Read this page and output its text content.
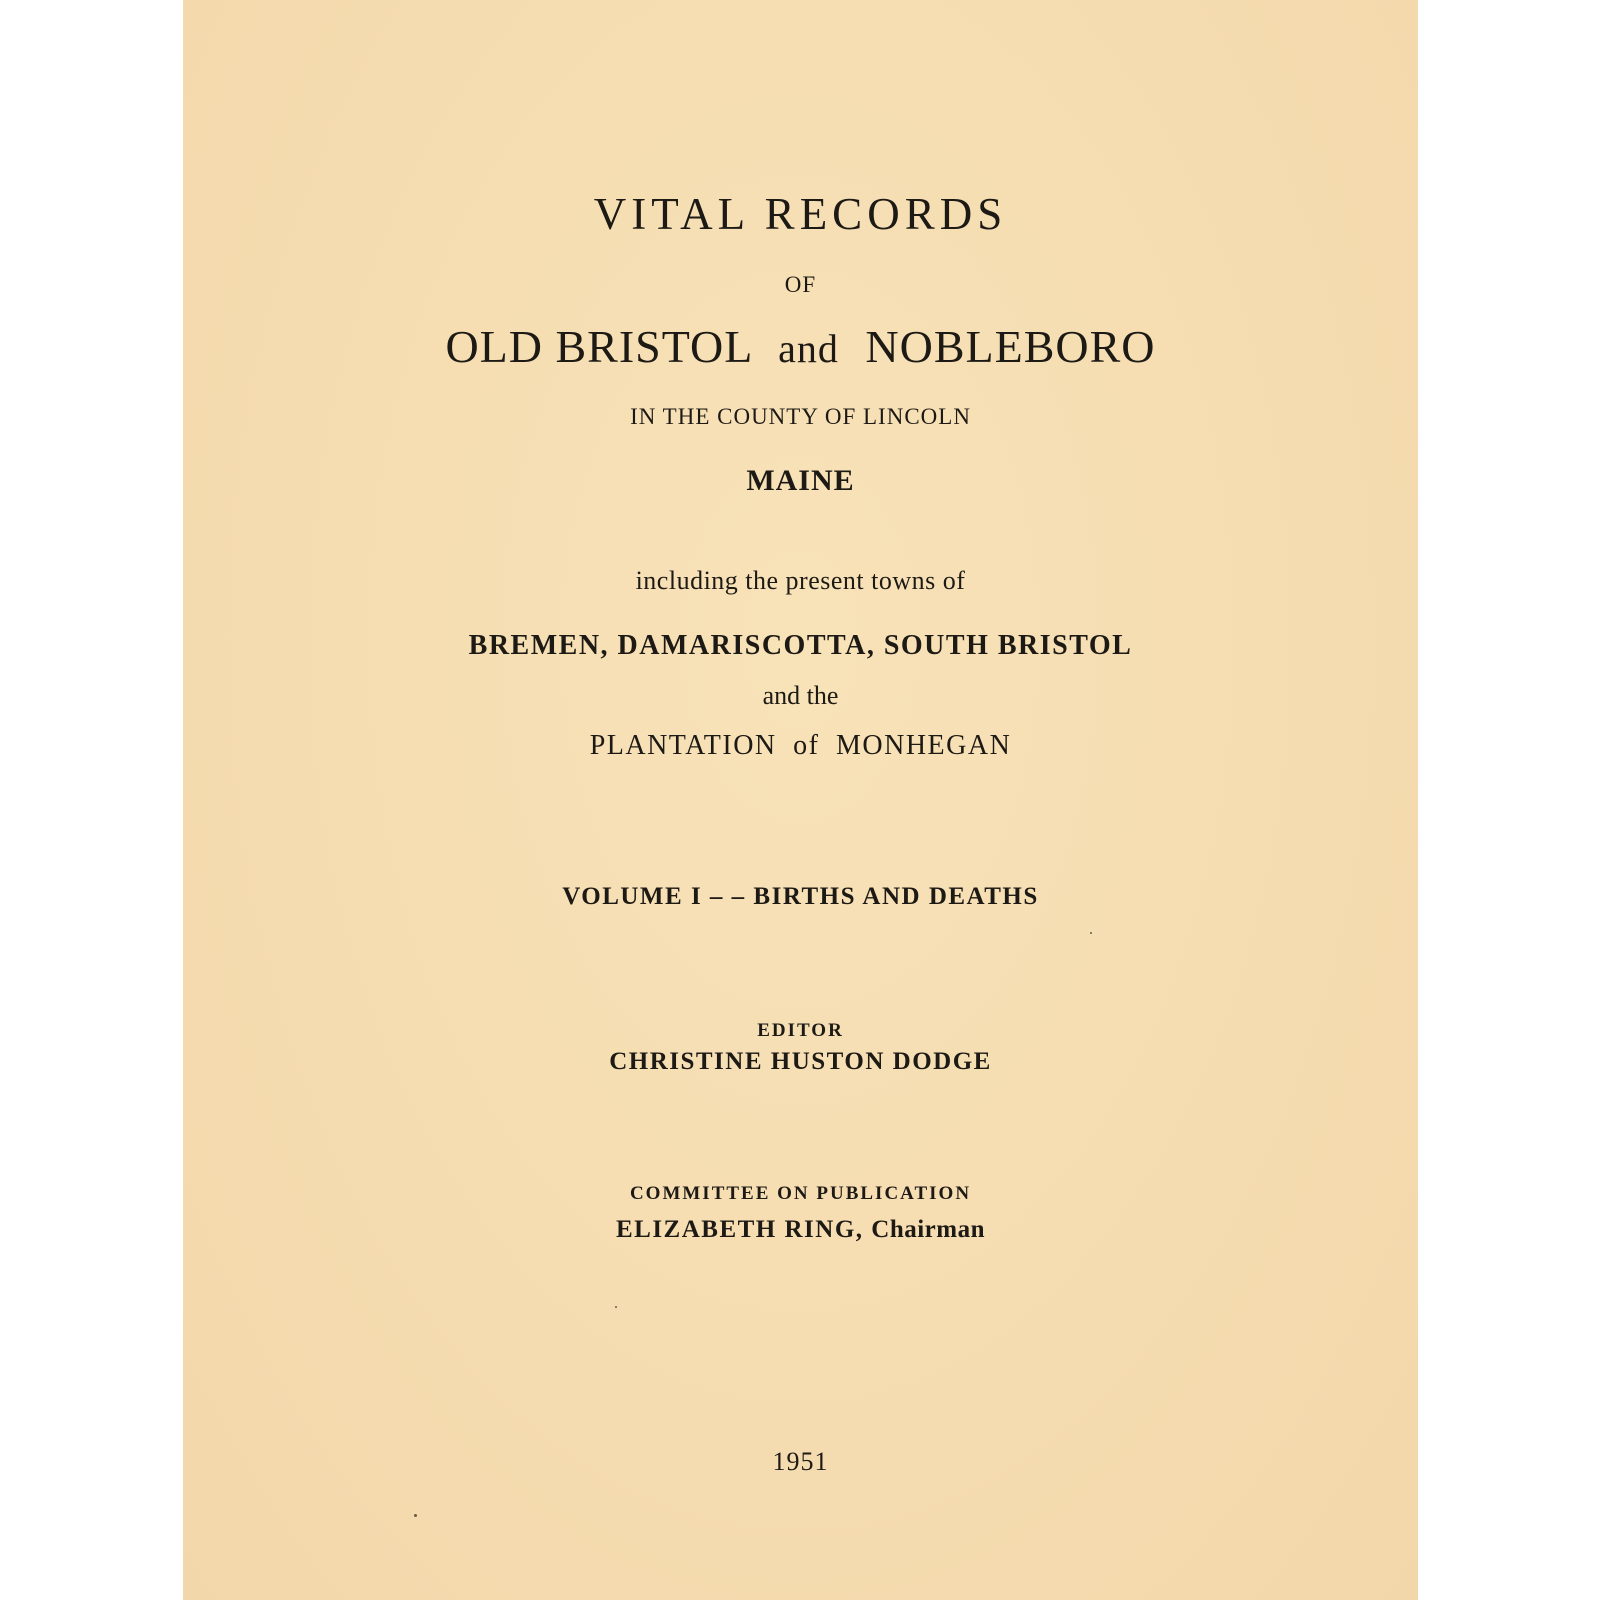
VITAL RECORDS
OF
OLD BRISTOL and NOBLEBORO
IN THE COUNTY OF LINCOLN
MAINE
including the present towns of
BREMEN, DAMARISCOTTA, SOUTH BRISTOL
and the
PLANTATION of MONHEGAN
VOLUME I – – BIRTHS AND DEATHS
EDITOR
CHRISTINE HUSTON DODGE
COMMITTEE ON PUBLICATION
ELIZABETH RING, Chairman
1951
